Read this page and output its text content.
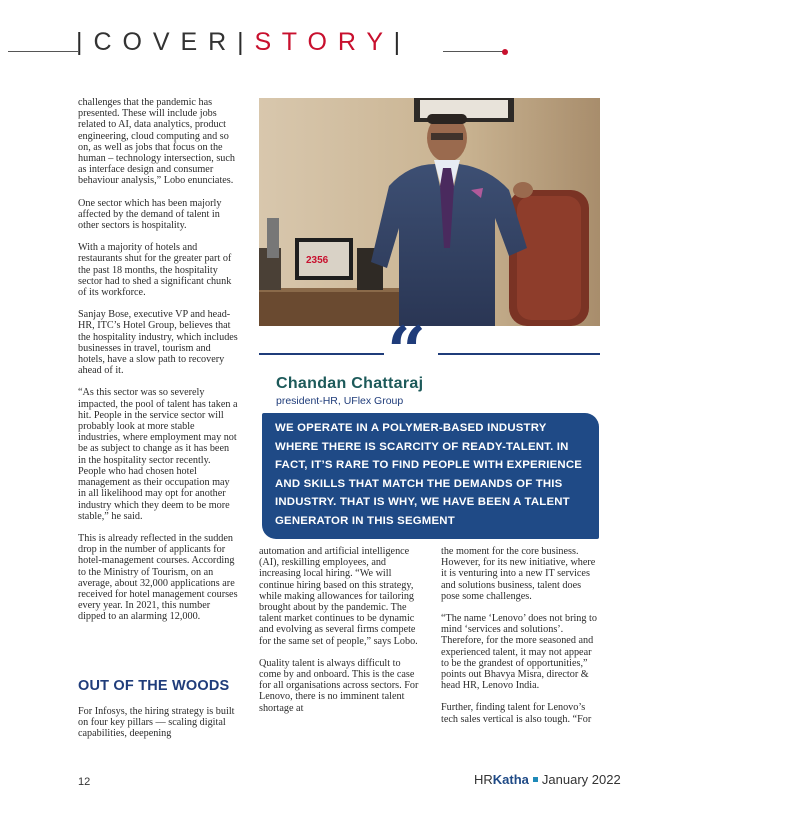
| C O V E R | S T O R Y |

challenges that the pandemic has presented. These will include jobs related to AI, data analytics, product engineering, cloud computing and so on, as well as jobs that focus on the human – technology intersection, such as interface design and consumer behaviour analysis,” Lobo enunciates.

One sector which has been majorly affected by the demand of talent in other sectors is hospitality.

With a majority of hotels and restaurants shut for the greater part of the past 18 months, the hospitality sector had to shed a significant chunk of its workforce.

Sanjay Bose, executive VP and head-HR, ITC’s Hotel Group, believes that the hospitality industry, which includes businesses in travel, tourism and hotels, have a slow path to recovery ahead of it.

“As this sector was so severely impacted, the pool of talent has taken a hit. People in the service sector will probably look at more stable industries, where employment may not be as subject to change as it has been in the hospitality sector recently. People who had chosen hotel management as their occupation may in all likelihood may opt for another industry which they deem to be more stable,” he said.

This is already reflected in the sudden drop in the number of applicants for hotel-management courses. According to the Ministry of Tourism, on an average, about 32,000 applications are received for hotel management courses every year. In 2021, this number dipped to an alarming 12,000.

OUT OF THE WOODS

For Infosys, the hiring strategy is built on four key pillars — scaling digital capabilities, deepening

2356
“
Chandan Chattaraj
president-HR, UFlex Group
WE OPERATE IN A POLYMER-BASED INDUSTRY WHERE THERE IS SCARCITY OF READY-TALENT. IN FACT, IT’S RARE TO FIND PEOPLE WITH EXPERIENCE AND SKILLS THAT MATCH THE DEMANDS OF THIS INDUSTRY. THAT IS WHY, WE HAVE BEEN A TALENT GENERATOR IN THIS SEGMENT

automation and artificial intelligence (AI), reskilling employees, and increasing local hiring. “We will continue hiring based on this strategy, while making allowances for tailoring brought about by the pandemic. The talent market continues to be dynamic and evolving as several firms compete for the same set of people,” says Lobo.

Quality talent is always difficult to come by and onboard. This is the case for all organisations across sectors. For Lenovo, there is no imminent talent shortage at

the moment for the core business. However, for its new initiative, where it is venturing into a new IT services and solutions business, talent does pose some challenges.

“The name ‘Lenovo’ does not bring to mind ‘services and solutions’. Therefore, for the more seasoned and experienced talent, it may not appear to be the grandest of opportunities,” points out Bhavya Misra, director & head HR, Lenovo India.

Further, finding talent for Lenovo’s tech sales vertical is also tough. “For

12	HRKatha January 2022
